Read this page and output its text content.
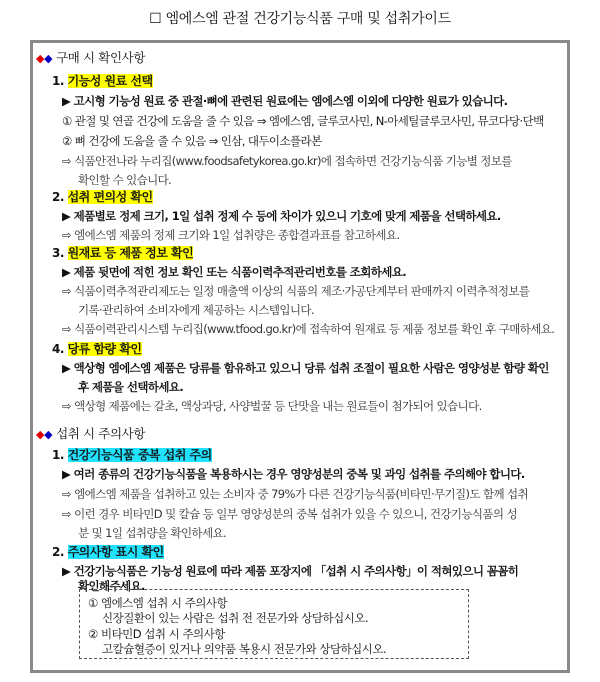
☐ 엠에스엠 관절 건강기능식품 구매 및 섭취가이드
◆◆ 구매 시 확인사항
1. 기능성 원료 선택
▶ 고시형 기능성 원료 중 관절·뼈에 관련된 원료에는 엠에스엠 이외에 다양한 원료가 있습니다.
① 관절 및 연골 건강에 도움을 줄 수 있음 ⇒ 엠에스엠, 글루코사민, N-아세틸글루코사민, 뮤코다당·단백
② 뼈 건강에 도움을 줄 수 있음 ⇒ 인삼, 대두이소플라본
⇨ 식품안전나라 누리집(www.foodsafetykorea.go.kr)에 접속하면 건강기능식품 기능별 정보를
확인할 수 있습니다.
2. 섭취 편의성 확인
▶ 제품별로 정제 크기, 1일 섭취 정제 수 등에 차이가 있으니 기호에 맞게 제품을 선택하세요.
⇨ 엠에스엠 제품의 정제 크기와 1일 섭취량은 종합결과표를 참고하세요.
3. 원재료 등 제품 정보 확인
▶ 제품 뒷면에 적힌 정보 확인 또는 식품이력추적관리번호를 조회하세요.
⇨ 식품이력추적관리제도는 일정 매출액 이상의 식품의 제조·가공단계부터 판매까지 이력추적정보를
기록·관리하여 소비자에게 제공하는 시스템입니다.
⇨ 식품이력관리시스템 누리집(www.tfood.go.kr)에 접속하여 원재료 등 제품 정보를 확인 후 구매하세요.
4. 당류 함량 확인
▶ 액상형 엠에스엠 제품은 당류를 함유하고 있으니 당류 섭취 조절이 필요한 사람은 영양성분 함량 확인
후 제품을 선택하세요.
⇨ 액상형 제품에는 갈초, 액상과당, 사양벌꿀 등 단맛을 내는 원료들이 첨가되어 있습니다.
◆◆ 섭취 시 주의사항
1. 건강기능식품 중복 섭취 주의
▶ 여러 종류의 건강기능식품을 복용하시는 경우 영양성분의 중복 및 과잉 섭취를 주의해야 합니다.
⇨ 엠에스엠 제품을 섭취하고 있는 소비자 중 79%가 다른 건강기능식품(비타민·무기질)도 함께 섭취
⇨ 이런 경우 비타민D 및 칼슘 등 일부 영양성분의 중복 섭취가 있을 수 있으니, 건강기능식품의 성
분 및 1일 섭취량을 확인하세요.
2. 주의사항 표시 확인
▶ 건강기능식품은 기능성 원료에 따라 제품 포장지에 「섭취 시 주의사항」이 적혀있으니 꼼꼼히
확인해주세요.
① 엠에스엠 섭취 시 주의사항
신장질환이 있는 사람은 섭취 전 전문가와 상담하십시오.
② 비타민D 섭취 시 주의사항
고칼슘혈증이 있거나 의약품 복용시 전문가와 상담하십시오.
